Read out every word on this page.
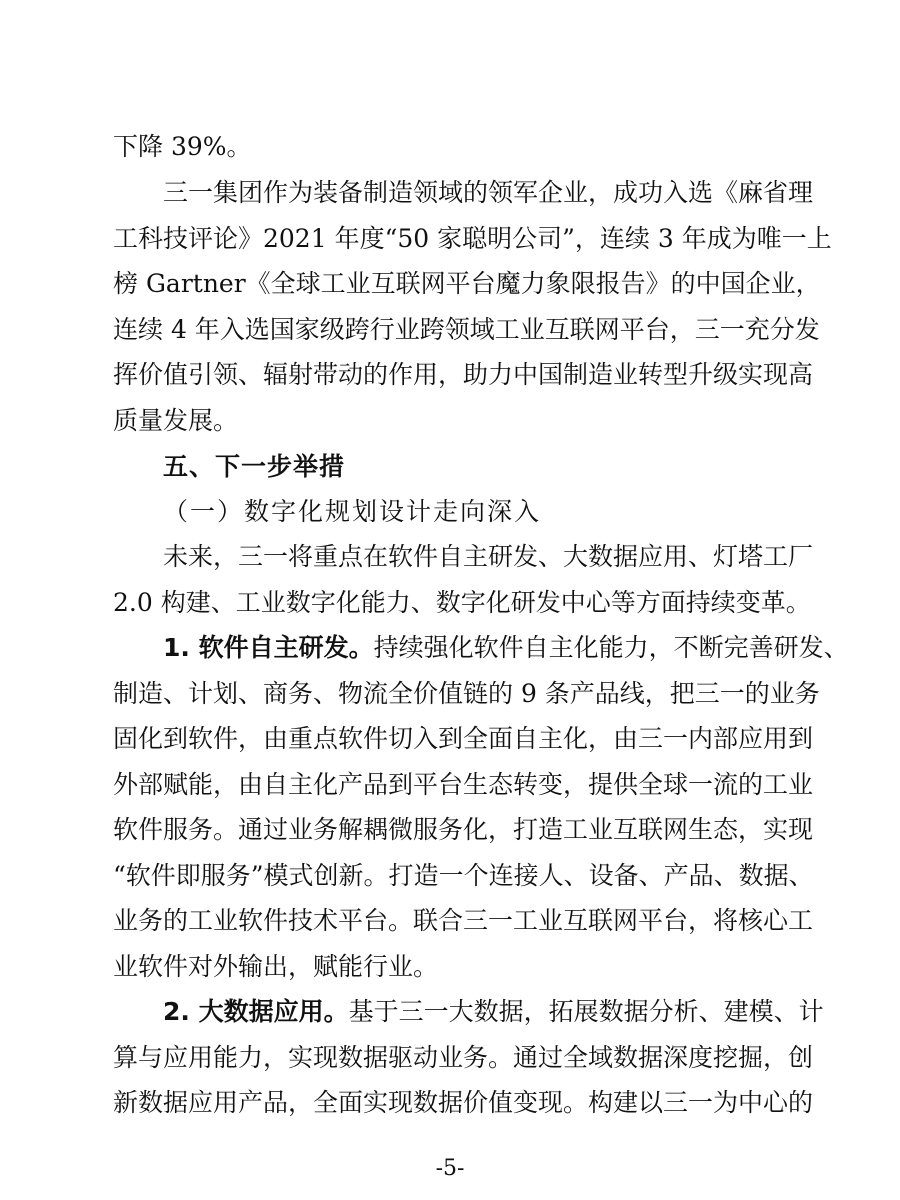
下降 39%。
三一集团作为装备制造领域的领军企业，成功入选《麻省理
工科技评论》2021 年度“50 家聪明公司”，连续 3 年成为唯一上
榜 Gartner《全球工业互联网平台魔力象限报告》的中国企业，
连续 4 年入选国家级跨行业跨领域工业互联网平台，三一充分发
挥价值引领、辐射带动的作用，助力中国制造业转型升级实现高
质量发展。
五、下一步举措
（一）数字化规划设计走向深入
未来，三一将重点在软件自主研发、大数据应用、灯塔工厂
2.0 构建、工业数字化能力、数字化研发中心等方面持续变革。
1. 软件自主研发。持续强化软件自主化能力，不断完善研发、
制造、计划、商务、物流全价值链的 9 条产品线，把三一的业务
固化到软件，由重点软件切入到全面自主化，由三一内部应用到
外部赋能，由自主化产品到平台生态转变，提供全球一流的工业
软件服务。通过业务解耦微服务化，打造工业互联网生态，实现
“软件即服务”模式创新。打造一个连接人、设备、产品、数据、
业务的工业软件技术平台。联合三一工业互联网平台，将核心工
业软件对外输出，赋能行业。
2. 大数据应用。基于三一大数据，拓展数据分析、建模、计
算与应用能力，实现数据驱动业务。通过全域数据深度挖掘，创
新数据应用产品，全面实现数据价值变现。构建以三一为中心的
-5-
